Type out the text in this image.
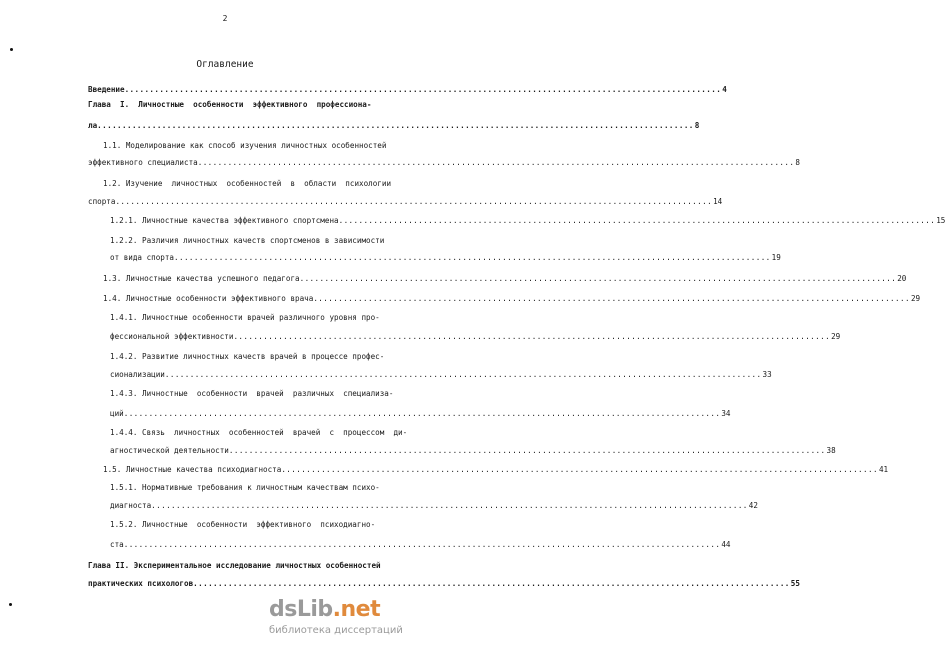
2
Оглавление
Введение ........................................................................................................................ 4
Глава  I.  Личностные  особенности  эффективного  профессиона-
ла ........................................................................................................................ 8
1.1. Моделирование как способ изучения личностных особенностей
эффективного специалиста ........................................................................................................................ 8
1.2. Изучение  личностных  особенностей  в  области  психологии
спорта ........................................................................................................................ 14
1.2.1. Личностные качества эффективного спортсмена ........................................................................................................................ 15
1.2.2. Различия личностных качеств спортсменов в зависимости
от вида спорта ........................................................................................................................ 19
1.3. Личностные качества успешного педагога ........................................................................................................................ 20
1.4. Личностные особенности эффективного врача ........................................................................................................................ 29
1.4.1. Личностные особенности врачей различного уровня про-
фессиональной эффективности ........................................................................................................................ 29
1.4.2. Развитие личностных качеств врачей в процессе профес-
сионализации ........................................................................................................................ 33
1.4.3. Личностные  особенности  врачей  различных  специализа-
ций ........................................................................................................................ 34
1.4.4. Связь  личностных  особенностей  врачей  с  процессом  ди-
агностической деятельности ........................................................................................................................ 38
1.5. Личностные качества психодиагноста ........................................................................................................................ 41
1.5.1. Нормативные требования к личностным качествам психо-
диагноста ........................................................................................................................ 42
1.5.2. Личностные  особенности  эффективного  психодиагно-
ста ........................................................................................................................ 44
Глава II. Экспериментальное исследование личностных особенностей
практических психологов ........................................................................................................................ 55
dsLib.net
библиотека диссертаций
